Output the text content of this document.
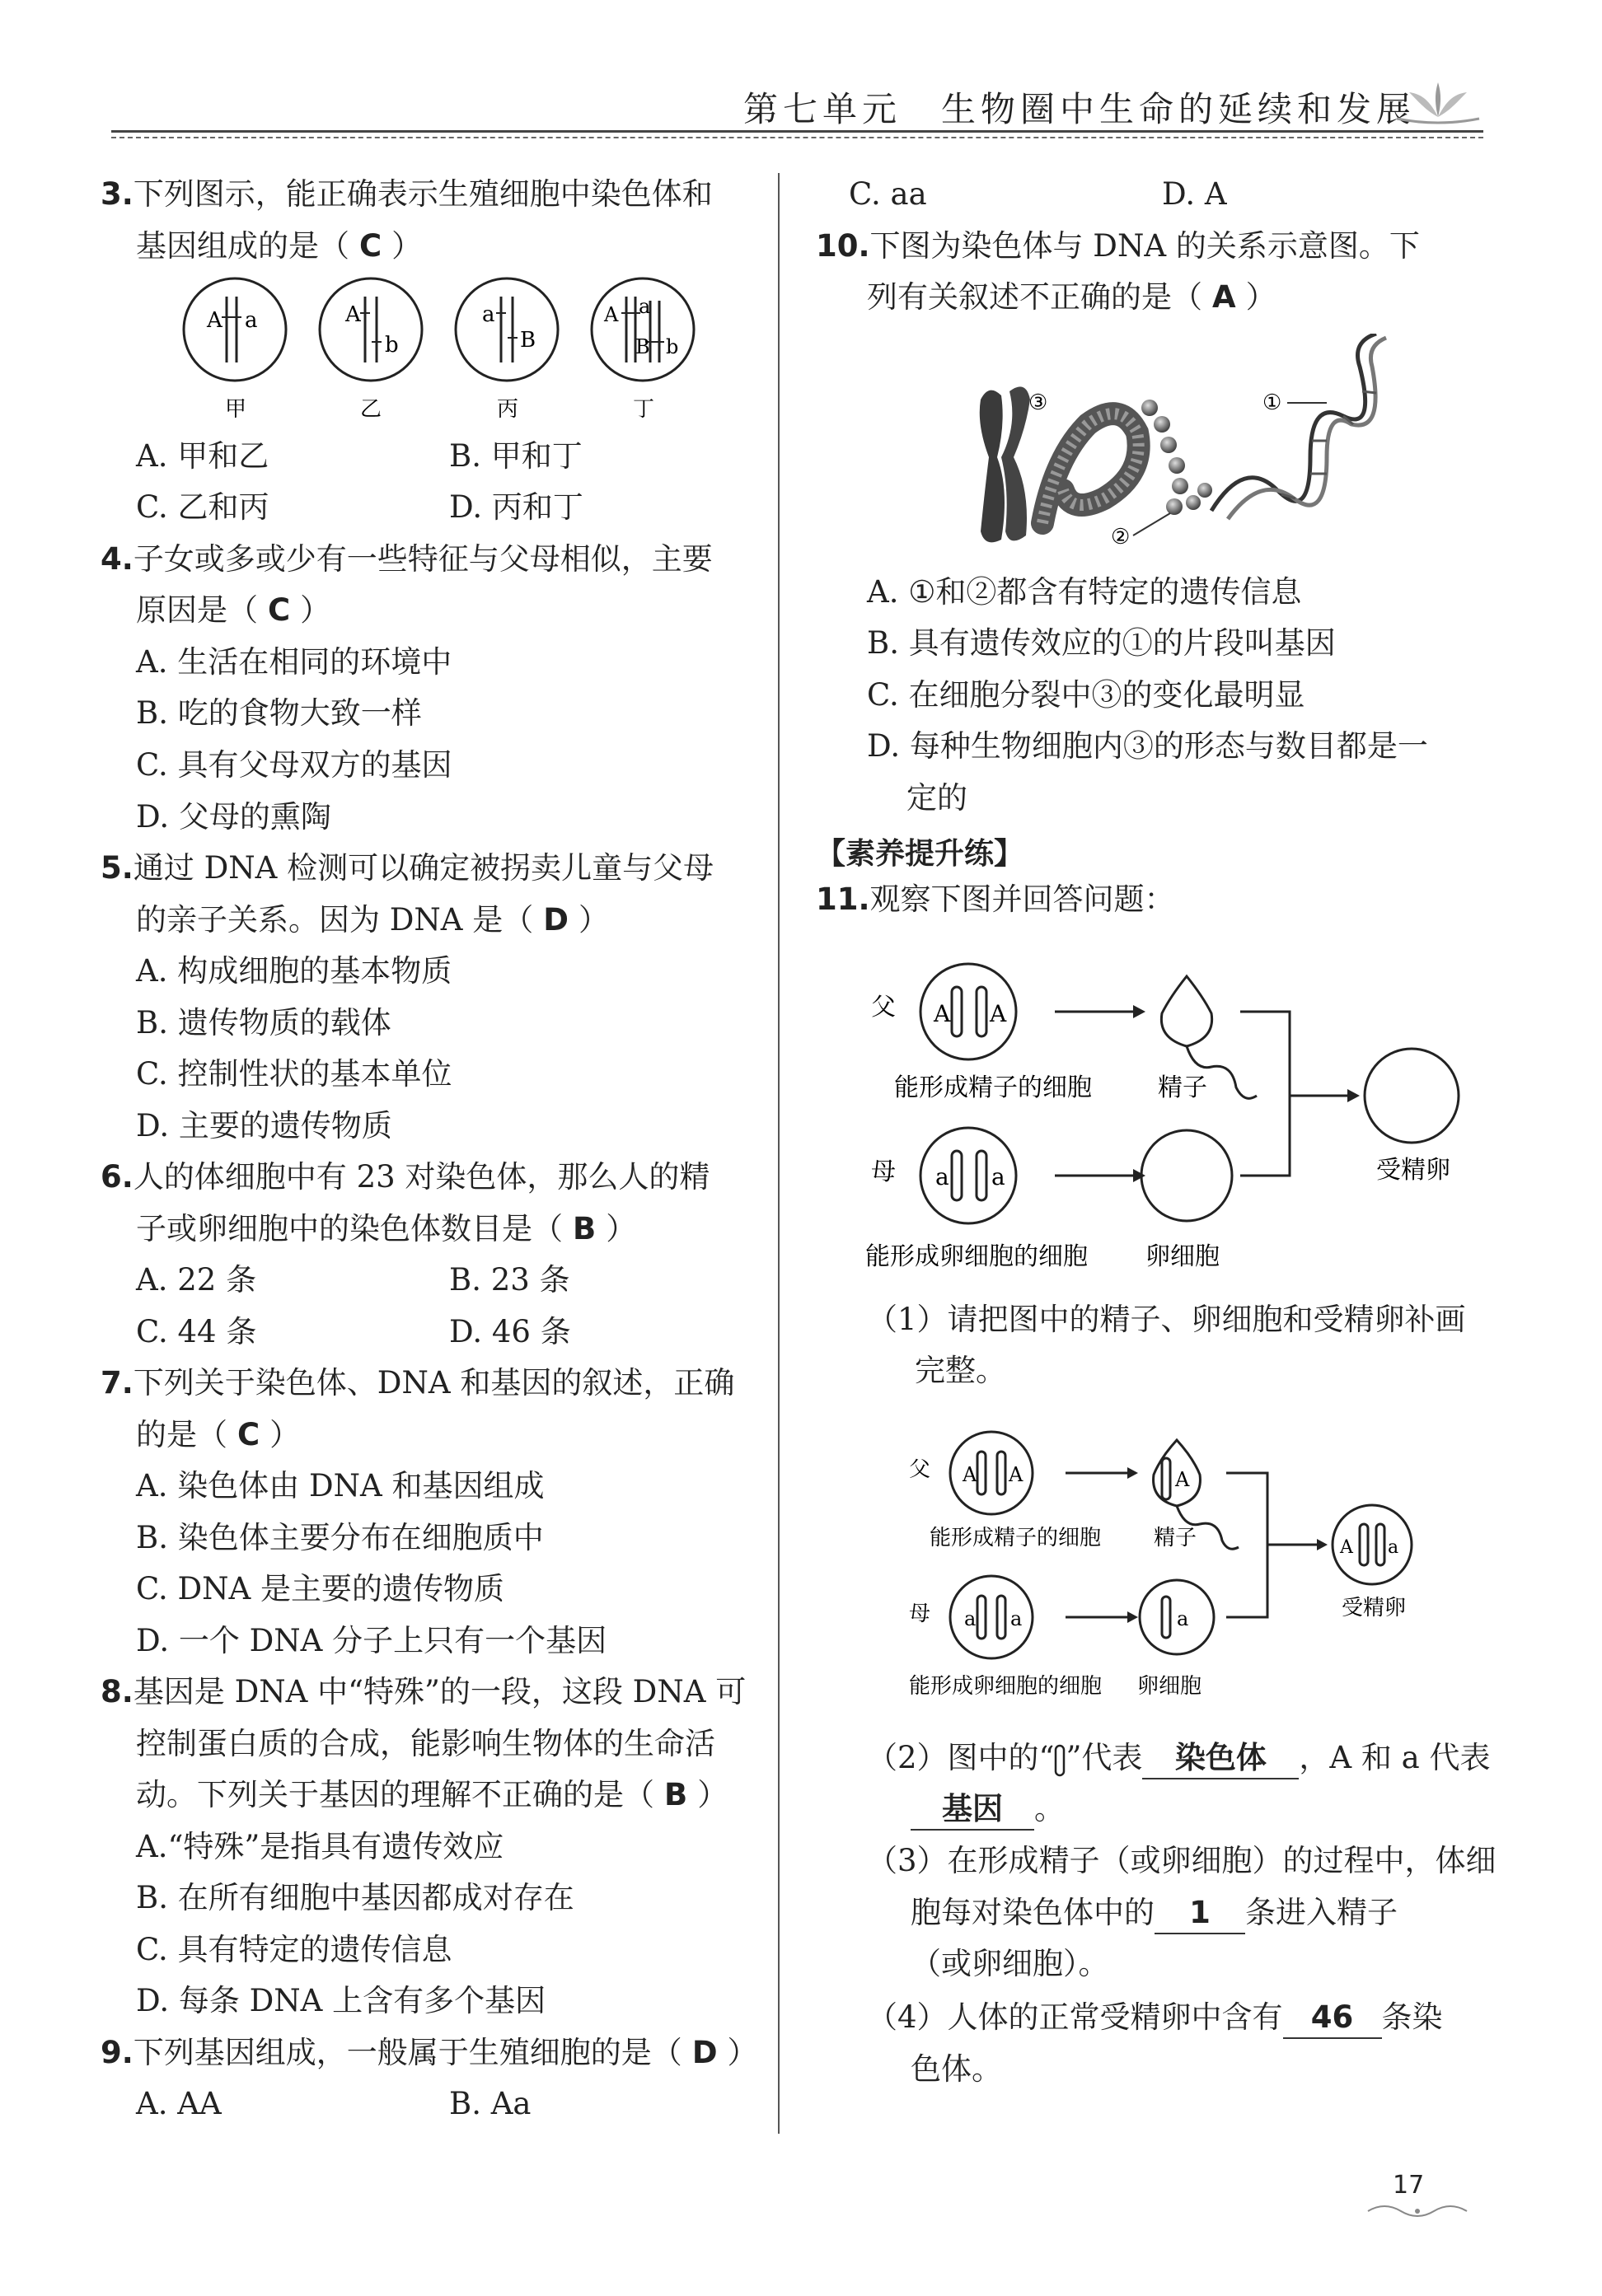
第七单元　生物圈中生命的延续和发展
3.下列图示，能正确表示生殖细胞中染色体和
基因组成的是（ C ）
A a
甲
A
b
乙
a
B
丙
A a
B b
丁
A. 甲和乙	B. 甲和丁
C. 乙和丙	D. 丙和丁
4.子女或多或少有一些特征与父母相似，主要
原因是（ C ）
A. 生活在相同的环境中
B. 吃的食物大致一样
C. 具有父母双方的基因
D. 父母的熏陶
5.通过 DNA 检测可以确定被拐卖儿童与父母
的亲子关系。因为 DNA 是（ D ）
A. 构成细胞的基本物质
B. 遗传物质的载体
C. 控制性状的基本单位
D. 主要的遗传物质
6.人的体细胞中有 23 对染色体，那么人的精
子或卵细胞中的染色体数目是（ B ）
A. 22 条	B. 23 条
C. 44 条	D. 46 条
7.下列关于染色体、DNA 和基因的叙述，正确
的是（ C ）
A. 染色体由 DNA 和基因组成
B. 染色体主要分布在细胞质中
C. DNA 是主要的遗传物质
D. 一个 DNA 分子上只有一个基因
8.基因是 DNA 中“特殊”的一段，这段 DNA 可
控制蛋白质的合成，能影响生物体的生命活
动。下列关于基因的理解不正确的是（ B ）
A.“特殊”是指具有遗传效应
B. 在所有细胞中基因都成对存在
C. 具有特定的遗传信息
D. 每条 DNA 上含有多个基因
9.下列基因组成，一般属于生殖细胞的是（ D ）
A. AA	B. Aa
C. aa	D. A
10.下图为染色体与 DNA 的关系示意图。下
列有关叙述不正确的是（ A ）
③
②
①
A. ①和②都含有特定的遗传信息
B. 具有遗传效应的①的片段叫基因
C. 在细胞分裂中③的变化最明显
D. 每种生物细胞内③的形态与数目都是一
定的
【素养提升练】
11.观察下图并回答问题：
父 A A
能形成精子的细胞	精子
母 a a
能形成卵细胞的细胞 卵细胞
受精卵
（1）请把图中的精子、卵细胞和受精卵补画
完整。
父 A A
能形成精子的细胞
A
精子
母 a a
能形成卵细胞的细胞
a
卵细胞
A a
受精卵
（2）图中的“ ”代表 染色体 ，A 和 a 代表
基因 。
（3）在形成精子（或卵细胞）的过程中，体细
胞每对染色体中的 1 条进入精子
（或卵细胞）。
（4）人体的正常受精卵中含有 46 条染
色体。
17
